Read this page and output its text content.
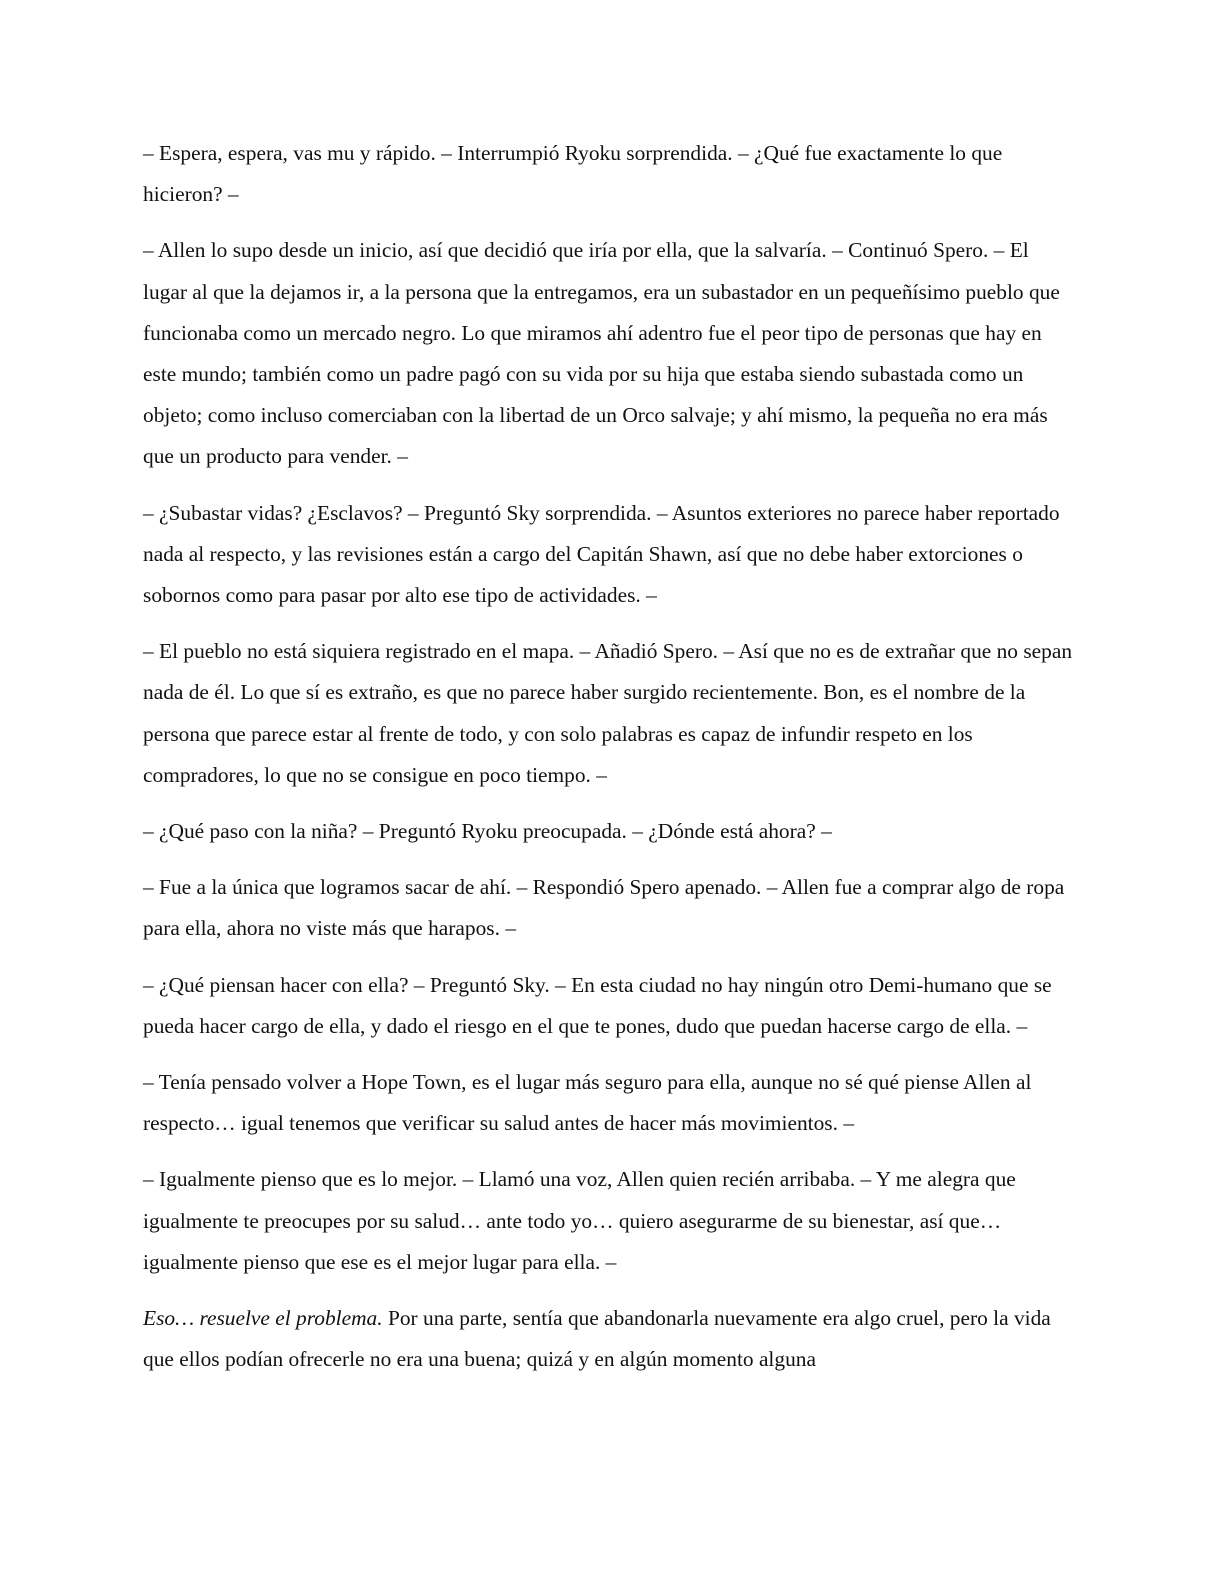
– Espera, espera, vas mu y rápido. – Interrumpió Ryoku sorprendida. – ¿Qué fue exactamente lo que hicieron? –

– Allen lo supo desde un inicio, así que decidió que iría por ella, que la salvaría. – Continuó Spero. – El lugar al que la dejamos ir, a la persona que la entregamos, era un subastador en un pequeñísimo pueblo que funcionaba como un mercado negro. Lo que miramos ahí adentro fue el peor tipo de personas que hay en este mundo; también como un padre pagó con su vida por su hija que estaba siendo subastada como un objeto; como incluso comerciaban con la libertad de un Orco salvaje; y ahí mismo, la pequeña no era más que un producto para vender. –

– ¿Subastar vidas? ¿Esclavos? – Preguntó Sky sorprendida. – Asuntos exteriores no parece haber reportado nada al respecto, y las revisiones están a cargo del Capitán Shawn, así que no debe haber extorciones o sobornos como para pasar por alto ese tipo de actividades. –

– El pueblo no está siquiera registrado en el mapa. – Añadió Spero. – Así que no es de extrañar que no sepan nada de él. Lo que sí es extraño, es que no parece haber surgido recientemente. Bon, es el nombre de la persona que parece estar al frente de todo, y con solo palabras es capaz de infundir respeto en los compradores, lo que no se consigue en poco tiempo. –

– ¿Qué paso con la niña? – Preguntó Ryoku preocupada. – ¿Dónde está ahora? –

– Fue a la única que logramos sacar de ahí. – Respondió Spero apenado. – Allen fue a comprar algo de ropa para ella, ahora no viste más que harapos. –

– ¿Qué piensan hacer con ella? – Preguntó Sky. – En esta ciudad no hay ningún otro Demi-humano que se pueda hacer cargo de ella, y dado el riesgo en el que te pones, dudo que puedan hacerse cargo de ella. –

– Tenía pensado volver a Hope Town, es el lugar más seguro para ella, aunque no sé qué piense Allen al respecto… igual tenemos que verificar su salud antes de hacer más movimientos. –

– Igualmente pienso que es lo mejor. – Llamó una voz, Allen quien recién arribaba. – Y me alegra que igualmente te preocupes por su salud… ante todo yo… quiero asegurarme de su bienestar, así que… igualmente pienso que ese es el mejor lugar para ella. –

Eso… resuelve el problema. Por una parte, sentía que abandonarla nuevamente era algo cruel, pero la vida que ellos podían ofrecerle no era una buena; quizá y en algún momento alguna
